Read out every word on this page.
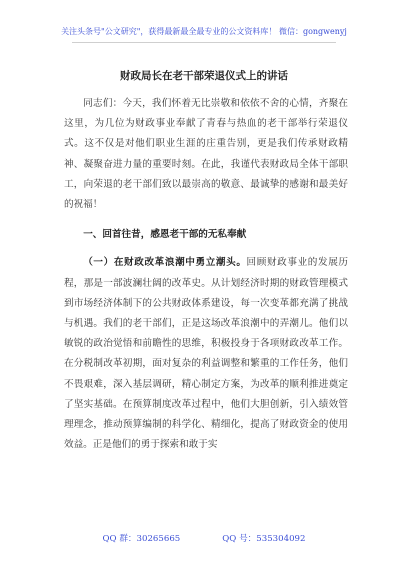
关注头条号"公文研究"，获得最新最全最专业的公文资料库！ 微信：gongwenyj
财政局长在老干部荣退仪式上的讲话

同志们：今天，我们怀着无比崇敬和依依不舍的心情，齐聚在这里，为几位为财政事业奉献了青春与热血的老干部举行荣退仪式。这不仅是对他们职业生涯的庄重告别，更是我们传承财政精神、凝聚奋进力量的重要时刻。在此，我谨代表财政局全体干部职工，向荣退的老干部们致以最崇高的敬意、最诚挚的感谢和最美好的祝福！

一、回首往昔，感恩老干部的无私奉献

（一）在财政改革浪潮中勇立潮头。回顾财政事业的发展历程，那是一部波澜壮阔的改革史。从计划经济时期的财政管理模式到市场经济体制下的公共财政体系建设，每一次变革都充满了挑战与机遇。我们的老干部们，正是这场改革浪潮中的弄潮儿。他们以敏锐的政治觉悟和前瞻性的思维，积极投身于各项财政改革工作。在分税制改革初期，面对复杂的利益调整和繁重的工作任务，他们不畏艰难，深入基层调研，精心制定方案，为改革的顺利推进奠定了坚实基础。在预算制度改革过程中，他们大胆创新，引入绩效管理理念，推动预算编制的科学化、精细化，提高了财政资金的使用效益。正是他们的勇于探索和敢于实

QQ 群：30265665	QQ 号：535304092
